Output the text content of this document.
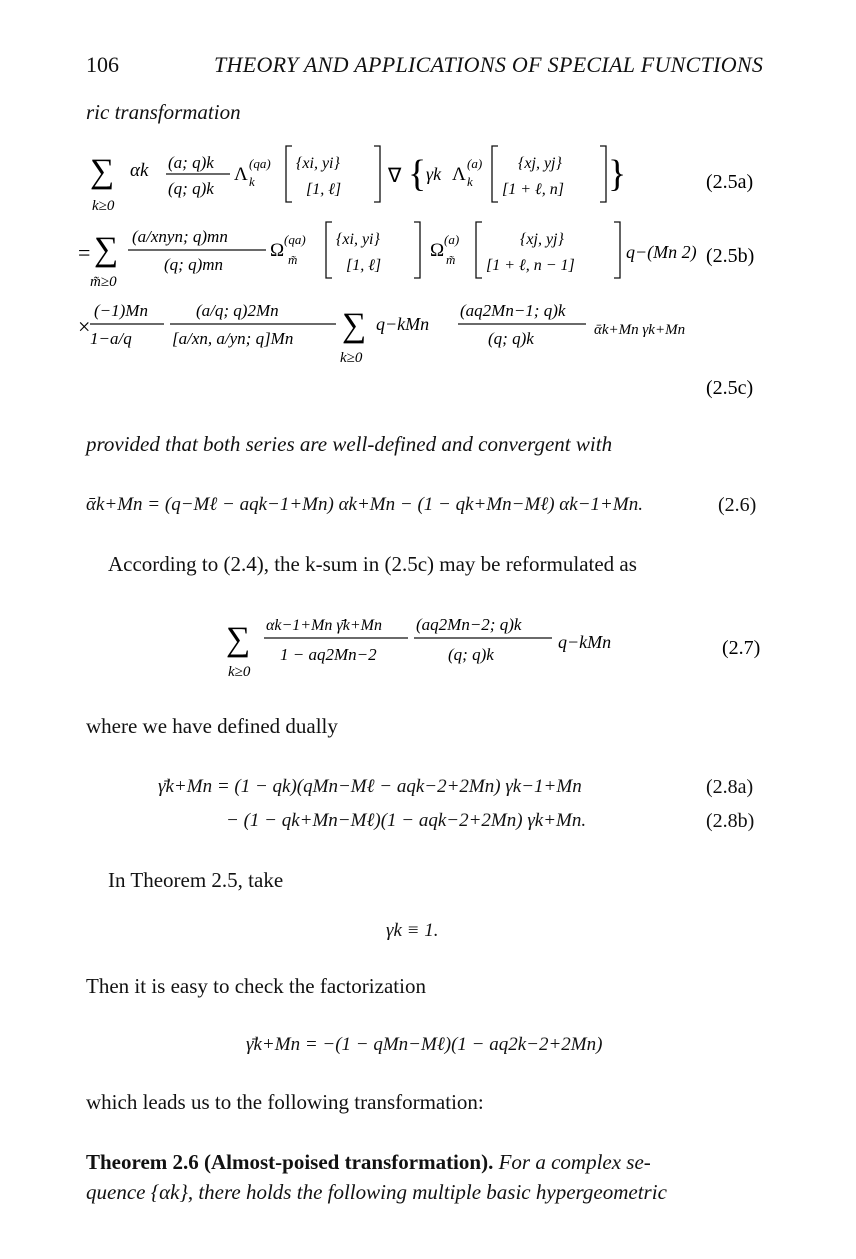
106	THEORY AND APPLICATIONS OF SPECIAL FUNCTIONS
ric transformation
∑
k≥0
αk (a; q)k
(q; q)k
Λ
(qa)
k
{xi, yi}
[1, ℓ]
∇ { γk Λ
(a)
k
{xj, yj}
[1 + ℓ, n] }	(2.5a)
= ∑
m̃≥0
(a/xnyn; q)mn
(q; q)mn
Ω
(qa)
m̃
{xi, yi}
[1, ℓ]
Ω
(a)
m̃
{xj, yj}
[1 + ℓ, n − 1]
q−(Mn 2) (2.5b)
×
(−1)Mn
1−a/q
(a/q; q)2Mn
[a/xn, a/yn; q]Mn ∑
k≥0
q−kMn
(aq2Mn−1; q)k
(q; q)k	ᾱk+Mn γk+Mn
(2.5c)
provided that both series are well-defined and convergent with
ᾱk+Mn = (q−Mℓ − aqk−1+Mn) αk+Mn − (1 − qk+Mn−Mℓ) αk−1+Mn.	(2.6)
According to (2.4), the k-sum in (2.5c) may be reformulated as
∑
k≥0
αk−1+Mn γ̄k+Mn
1 − aq2Mn−2
(aq2Mn−2; q)k
(q; q)k
q−kMn	(2.7)
where we have defined dually
γ̄k+Mn = (1 − qk)(qMn−Mℓ − aqk−2+2Mn) γk−1+Mn	(2.8a)
− (1 − qk+Mn−Mℓ)(1 − aqk−2+2Mn) γk+Mn.	(2.8b)
In Theorem 2.5, take
γk ≡ 1.
Then it is easy to check the factorization
γ̄k+Mn = −(1 − qMn−Mℓ)(1 − aq2k−2+2Mn)
which leads us to the following transformation:
Theorem 2.6 (Almost-poised transformation). For a complex se-
quence {αk}, there holds the following multiple basic hypergeometric
